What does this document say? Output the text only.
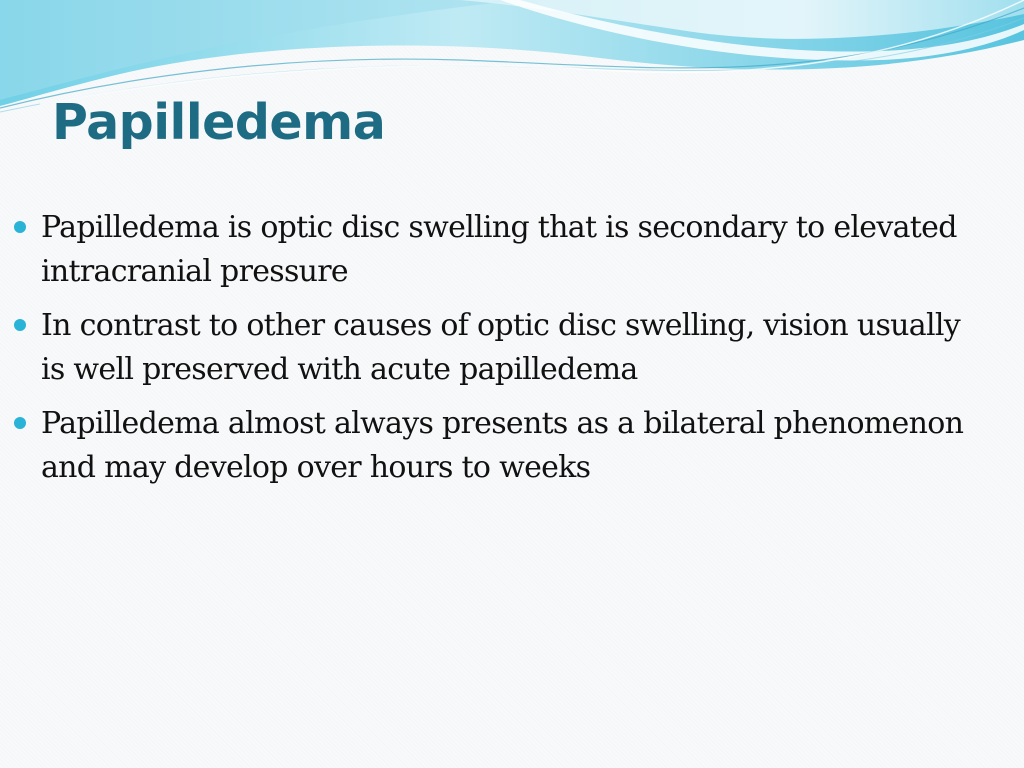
Papilledema
Papilledema is optic disc swelling that is secondary to elevated intracranial pressure
In contrast to other causes of optic disc swelling, vision usually is well preserved with acute papilledema
Papilledema almost always presents as a bilateral phenomenon and may develop over hours to weeks
